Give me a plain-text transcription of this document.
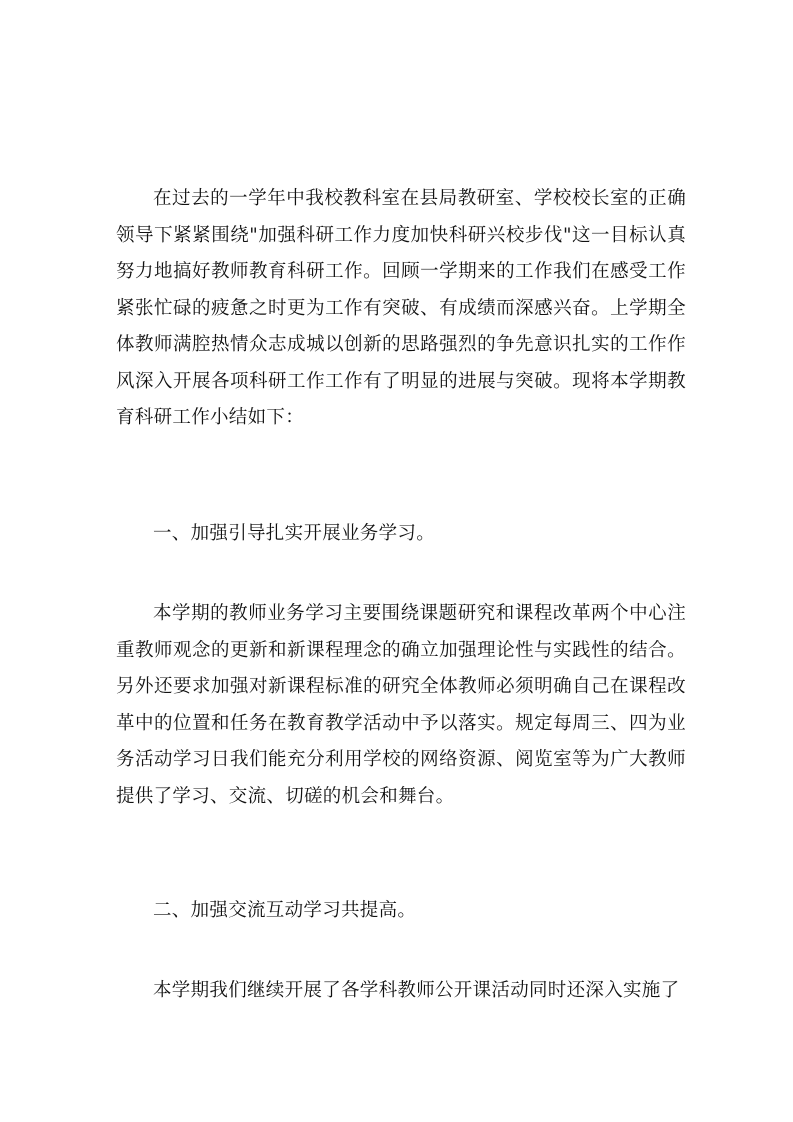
在过去的一学年中我校教科室在县局教研室、学校校长室的正确领导下紧紧围绕"加强科研工作力度加快科研兴校步伐"这一目标认真努力地搞好教师教育科研工作。回顾一学期来的工作我们在感受工作紧张忙碌的疲惫之时更为工作有突破、有成绩而深感兴奋。上学期全体教师满腔热情众志成城以创新的思路强烈的争先意识扎实的工作作风深入开展各项科研工作工作有了明显的进展与突破。现将本学期教育科研工作小结如下：

一、加强引导扎实开展业务学习。

本学期的教师业务学习主要围绕课题研究和课程改革两个中心注重教师观念的更新和新课程理念的确立加强理论性与实践性的结合。另外还要求加强对新课程标准的研究全体教师必须明确自己在课程改革中的位置和任务在教育教学活动中予以落实。规定每周三、四为业务活动学习日我们能充分利用学校的网络资源、阅览室等为广大教师提供了学习、交流、切磋的机会和舞台。

二、加强交流互动学习共提高。

本学期我们继续开展了各学科教师公开课活动同时还深入实施了
